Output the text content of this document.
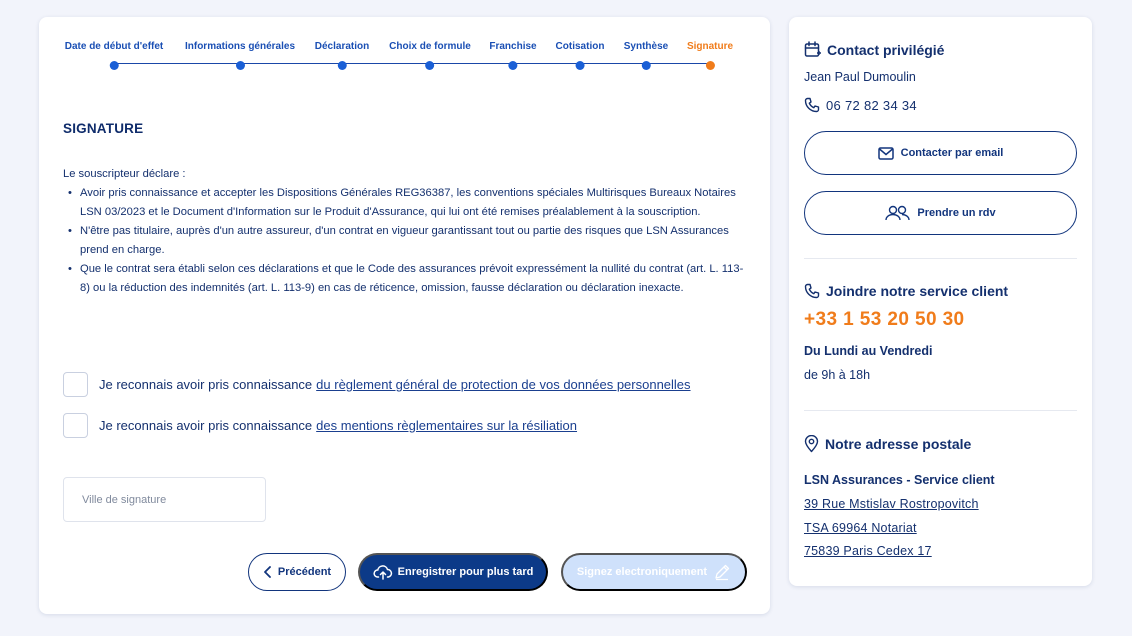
Date de début d'effet Informations générales Déclaration Choix de formule Franchise Cotisation Synthèse Signature
SIGNATURE
Le souscripteur déclare :
• Avoir pris connaissance et accepter les Dispositions Générales REG36387, les conventions spéciales Multirisques Bureaux Notaires LSN 03/2023 et le Document d'Information sur le Produit d'Assurance, qui lui ont été remises préalablement à la souscription.
• N'être pas titulaire, auprès d'un autre assureur, d'un contrat en vigueur garantissant tout ou partie des risques que LSN Assurances prend en charge.
• Que le contrat sera établi selon ces déclarations et que le Code des assurances prévoit expressément la nullité du contrat (art. L. 113-8) ou la réduction des indemnités (art. L. 113-9) en cas de réticence, omission, fausse déclaration ou déclaration inexacte.
Je reconnais avoir pris connaissance du règlement général de protection de vos données personnelles
Je reconnais avoir pris connaissance des mentions règlementaires sur la résiliation
Ville de signature
Précédent	Enregistrer pour plus tard	Signez electroniquement
Contact privilégié
Jean Paul Dumoulin
06 72 82 34 34
Contacter par email
Prendre un rdv
Joindre notre service client
+33 1 53 20 50 30
Du Lundi au Vendredi
de 9h à 18h
Notre adresse postale
LSN Assurances - Service client
39 Rue Mstislav Rostropovitch
TSA 69964 Notariat
75839 Paris Cedex 17
